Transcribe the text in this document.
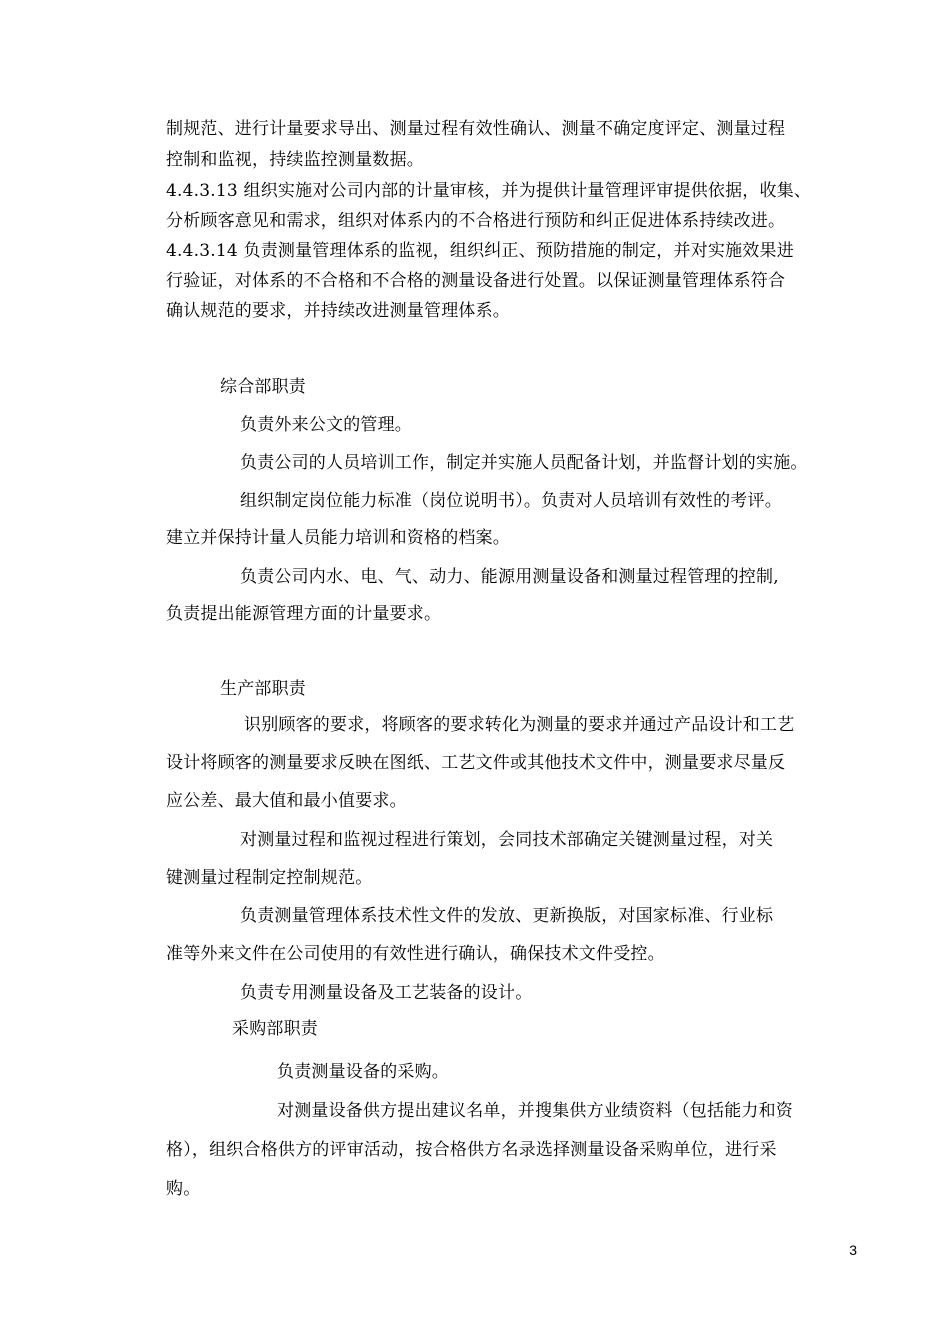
制规范、进行计量要求导出、测量过程有效性确认、测量不确定度评定、测量过程
控制和监视，持续监控测量数据。
4.4.3.13 组织实施对公司内部的计量审核，并为提供计量管理评审提供依据，收集、
分析顾客意见和需求，组织对体系内的不合格进行预防和纠正促进体系持续改进。
4.4.3.14 负责测量管理体系的监视，组织纠正、预防措施的制定，并对实施效果进
行验证，对体系的不合格和不合格的测量设备进行处置。以保证测量管理体系符合
确认规范的要求，并持续改进测量管理体系。
综合部职责
负责外来公文的管理。
负责公司的人员培训工作，制定并实施人员配备计划，并监督计划的实施。
组织制定岗位能力标准（岗位说明书）。负责对人员培训有效性的考评。
建立并保持计量人员能力培训和资格的档案。
负责公司内水、电、气、动力、能源用测量设备和测量过程管理的控制,
负责提出能源管理方面的计量要求。
生产部职责
识别顾客的要求，将顾客的要求转化为测量的要求并通过产品设计和工艺
设计将顾客的测量要求反映在图纸、工艺文件或其他技术文件中，测量要求尽量反
应公差、最大值和最小值要求。
对测量过程和监视过程进行策划，会同技术部确定关键测量过程，对关
键测量过程制定控制规范。
负责测量管理体系技术性文件的发放、更新换版，对国家标准、行业标
准等外来文件在公司使用的有效性进行确认，确保技术文件受控。
负责专用测量设备及工艺装备的设计。
采购部职责
负责测量设备的采购。
对测量设备供方提出建议名单，并搜集供方业绩资料（包括能力和资
格），组织合格供方的评审活动，按合格供方名录选择测量设备采购单位，进行采
购。
3
